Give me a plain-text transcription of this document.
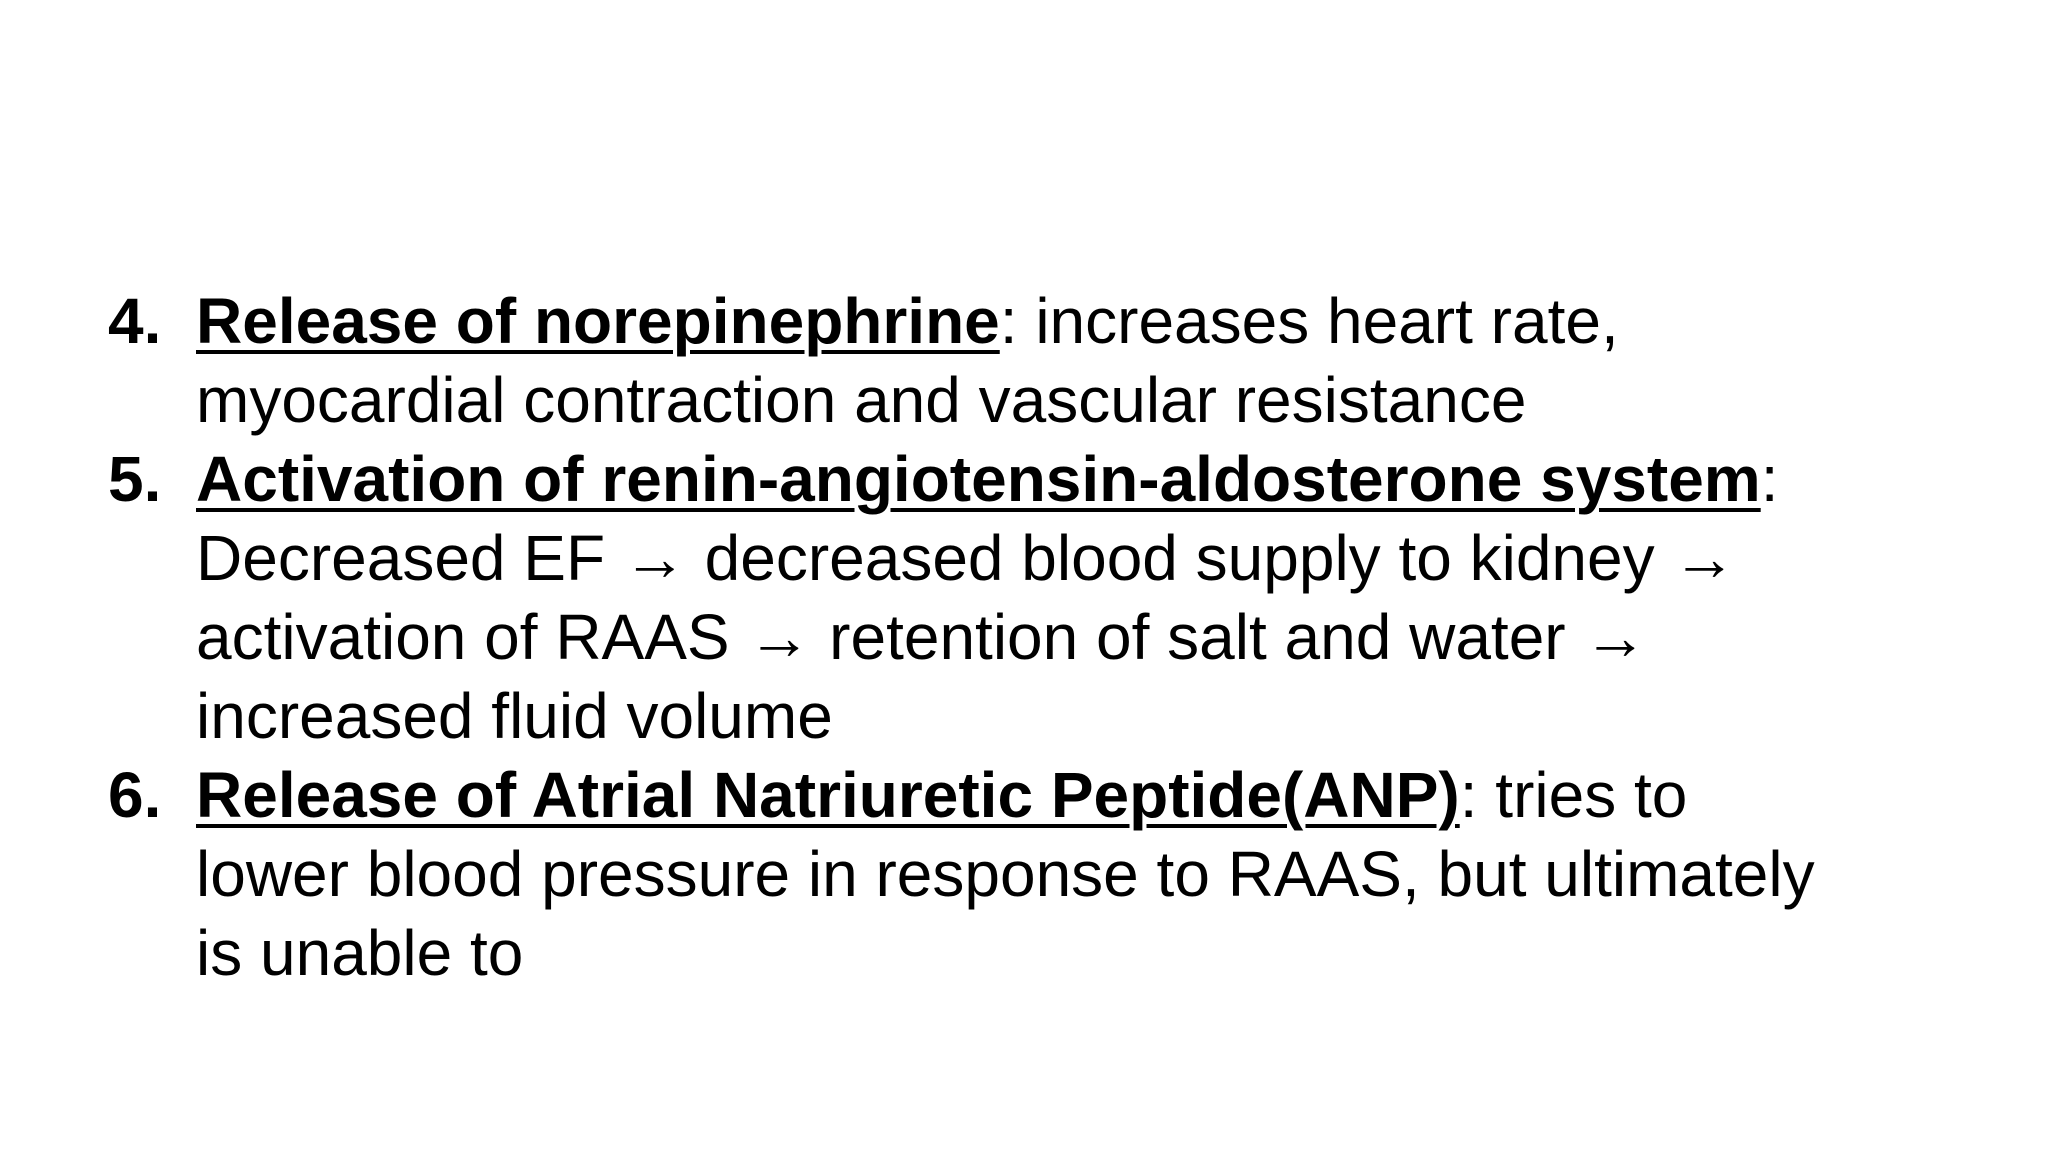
4. Release of norepinephrine: increases heart rate,
myocardial contraction and vascular resistance
5. Activation of renin-angiotensin-aldosterone system:
Decreased EF → decreased blood supply to kidney →
activation of RAAS → retention of salt and water →
increased fluid volume
6. Release of Atrial Natriuretic Peptide(ANP): tries to
lower blood pressure in response to RAAS, but ultimately
is unable to
